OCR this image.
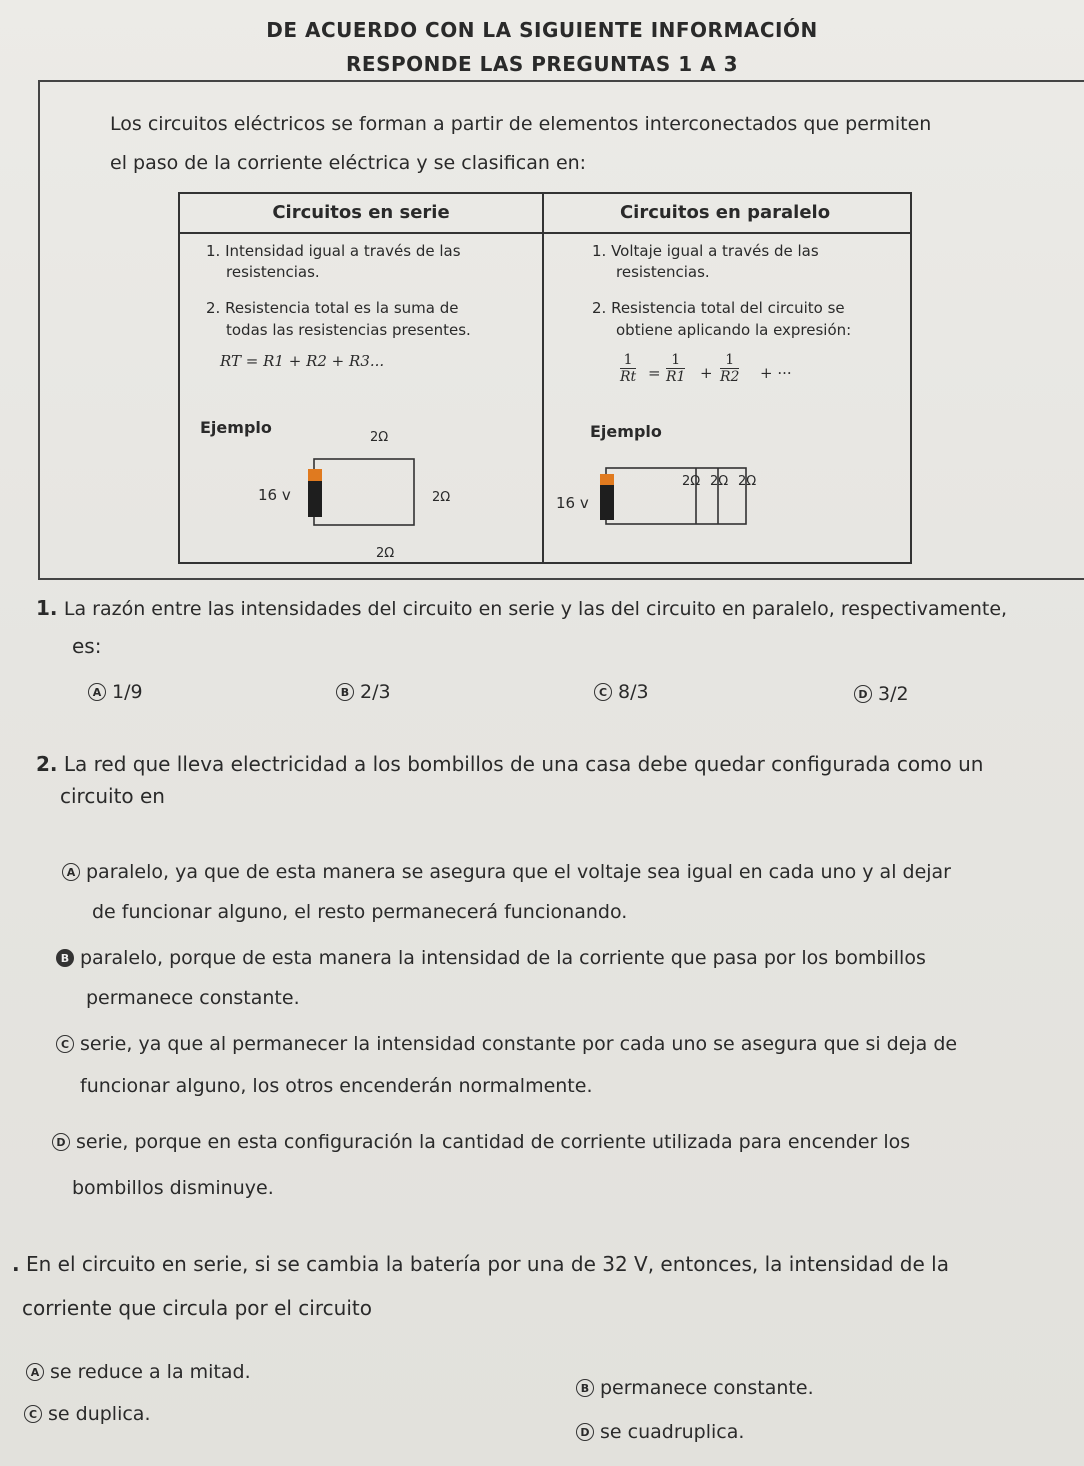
DE ACUERDO CON LA SIGUIENTE INFORMACIÓN
RESPONDE LAS PREGUNTAS 1 A 3
Los circuitos eléctricos se forman a partir de elementos interconectados que permiten
el paso de la corriente eléctrica y se clasifican en:
Circuitos en serie	Circuitos en paralelo
1. Intensidad igual a través de las
resistencias.
2. Resistencia total es la suma de
todas las resistencias presentes.
RT = R1 + R2 + R3...
Ejemplo
2Ω
2Ω
2Ω
16 v
1. Voltaje igual a través de las
resistencias.
2. Resistencia total del circuito se
obtiene aplicando la expresión:
$\frac{1}{Rt} = \frac{1}{R1} + \frac{1}{R2}$ + ···
Ejemplo
2Ω 2Ω 2Ω
16 v
1. La razón entre las intensidades del circuito en serie y las del circuito en paralelo, respectivamente,
es:
A 1/9	B 2/3	C 8/3	D 3/2
2. La red que lleva electricidad a los bombillos de una casa debe quedar configurada como un
circuito en
A paralelo, ya que de esta manera se asegura que el voltaje sea igual en cada uno y al dejar
de funcionar alguno, el resto permanecerá funcionando.
B paralelo, porque de esta manera la intensidad de la corriente que pasa por los bombillos
permanece constante.
C serie, ya que al permanecer la intensidad constante por cada uno se asegura que si deja de
funcionar alguno, los otros encenderán normalmente.
D serie, porque en esta configuración la cantidad de corriente utilizada para encender los
bombillos disminuye.
. En el circuito en serie, si se cambia la batería por una de 32 V, entonces, la intensidad de la
corriente que circula por el circuito
A se reduce a la mitad.
B permanece constante.
C se duplica.
D se cuadruplica.
